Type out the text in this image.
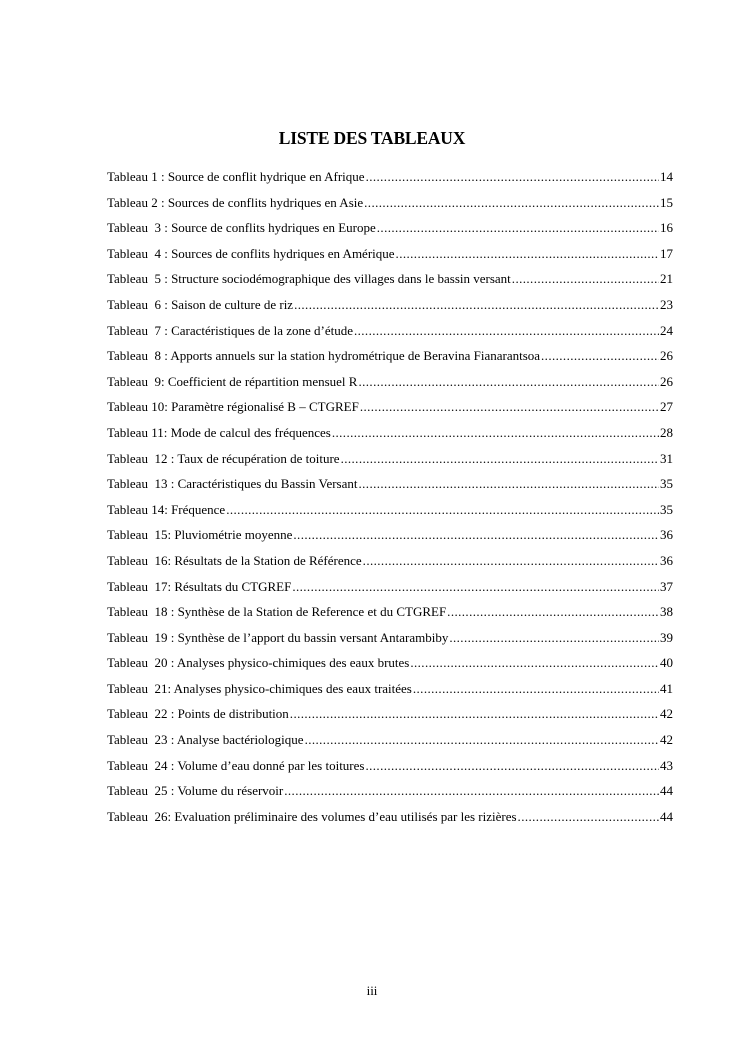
LISTE DES TABLEAUX
Tableau 1 : Source de conflit hydrique en Afrique .....	14
Tableau 2 : Sources de conflits hydriques en Asie .....	15
Tableau  3 : Source de conflits hydriques en Europe .....	16
Tableau  4 : Sources de conflits hydriques en Amérique .....	17
Tableau  5 : Structure sociodémographique des villages dans le bassin versant .....	21
Tableau  6 : Saison de culture de riz .....	23
Tableau  7 : Caractéristiques de la zone d’étude .....	24
Tableau  8 : Apports annuels sur la station hydrométrique de Beravina Fianarantsoa .....	26
Tableau  9: Coefficient de répartition mensuel R .....	26
Tableau 10: Paramètre régionalisé B – CTGREF .....	27
Tableau 11: Mode de calcul des fréquences .....	28
Tableau  12 : Taux de récupération de toiture .....	31
Tableau  13 : Caractéristiques du Bassin Versant .....	35
Tableau 14: Fréquence .....	35
Tableau  15: Pluviométrie moyenne .....	36
Tableau  16: Résultats de la Station de Référence .....	36
Tableau  17: Résultats du CTGREF .....	37
Tableau  18 : Synthèse de la Station de Reference et du CTGREF .....	38
Tableau  19 : Synthèse de l’apport du bassin versant Antarambiby .....	39
Tableau  20 : Analyses physico-chimiques des eaux brutes .....	40
Tableau  21: Analyses physico-chimiques des eaux traitées .....	41
Tableau  22 : Points de distribution .....	42
Tableau  23 : Analyse bactériologique .....	42
Tableau  24 : Volume d’eau donné par les toitures .....	43
Tableau  25 : Volume du réservoir .....	44
Tableau  26: Evaluation préliminaire des volumes d’eau utilisés par les rizières .....	44
iii
